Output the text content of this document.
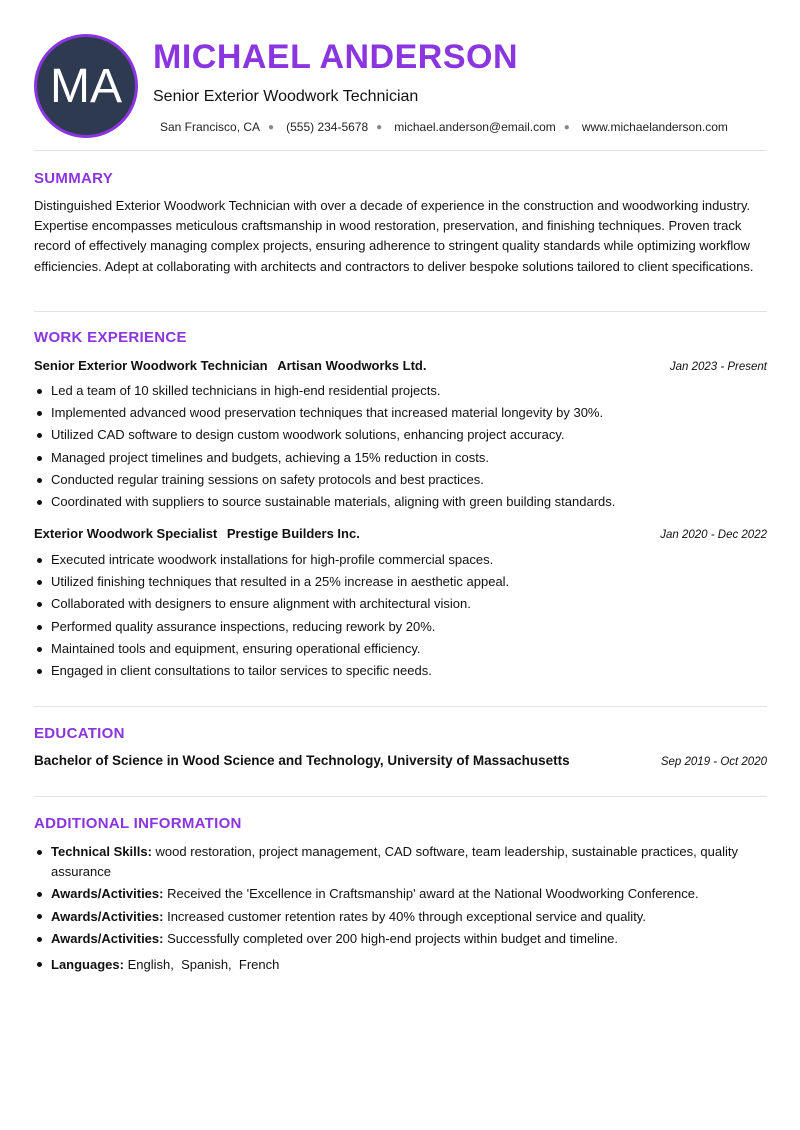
MA
MICHAEL ANDERSON
Senior Exterior Woodwork Technician
San Francisco, CA ● (555) 234-5678 ● michael.anderson@email.com ● www.michaelanderson.com
SUMMARY

Distinguished Exterior Woodwork Technician with over a decade of experience in the construction and woodworking industry. Expertise encompasses meticulous craftsmanship in wood restoration, preservation, and finishing techniques. Proven track record of effectively managing complex projects, ensuring adherence to stringent quality standards while optimizing workflow efficiencies. Adept at collaborating with architects and contractors to deliver bespoke solutions tailored to client specifications.

WORK EXPERIENCE
Senior Exterior Woodwork Technician Artisan Woodworks Ltd.	Jan 2023 - Present
Led a team of 10 skilled technicians in high-end residential projects.
Implemented advanced wood preservation techniques that increased material longevity by 30%.
Utilized CAD software to design custom woodwork solutions, enhancing project accuracy.
Managed project timelines and budgets, achieving a 15% reduction in costs.
Conducted regular training sessions on safety protocols and best practices.
Coordinated with suppliers to source sustainable materials, aligning with green building standards.
Exterior Woodwork Specialist Prestige Builders Inc.	Jan 2020 - Dec 2022
Executed intricate woodwork installations for high-profile commercial spaces.
Utilized finishing techniques that resulted in a 25% increase in aesthetic appeal.
Collaborated with designers to ensure alignment with architectural vision.
Performed quality assurance inspections, reducing rework by 20%.
Maintained tools and equipment, ensuring operational efficiency.
Engaged in client consultations to tailor services to specific needs.
EDUCATION
Bachelor of Science in Wood Science and Technology, University of Massachusetts	Sep 2019 - Oct 2020
ADDITIONAL INFORMATION
Technical Skills: wood restoration, project management, CAD software, team leadership, sustainable practices, quality assurance
Awards/Activities: Received the 'Excellence in Craftsmanship' award at the National Woodworking Conference.
Awards/Activities: Increased customer retention rates by 40% through exceptional service and quality.
Awards/Activities: Successfully completed over 200 high-end projects within budget and timeline.
Languages: English,  Spanish,  French
